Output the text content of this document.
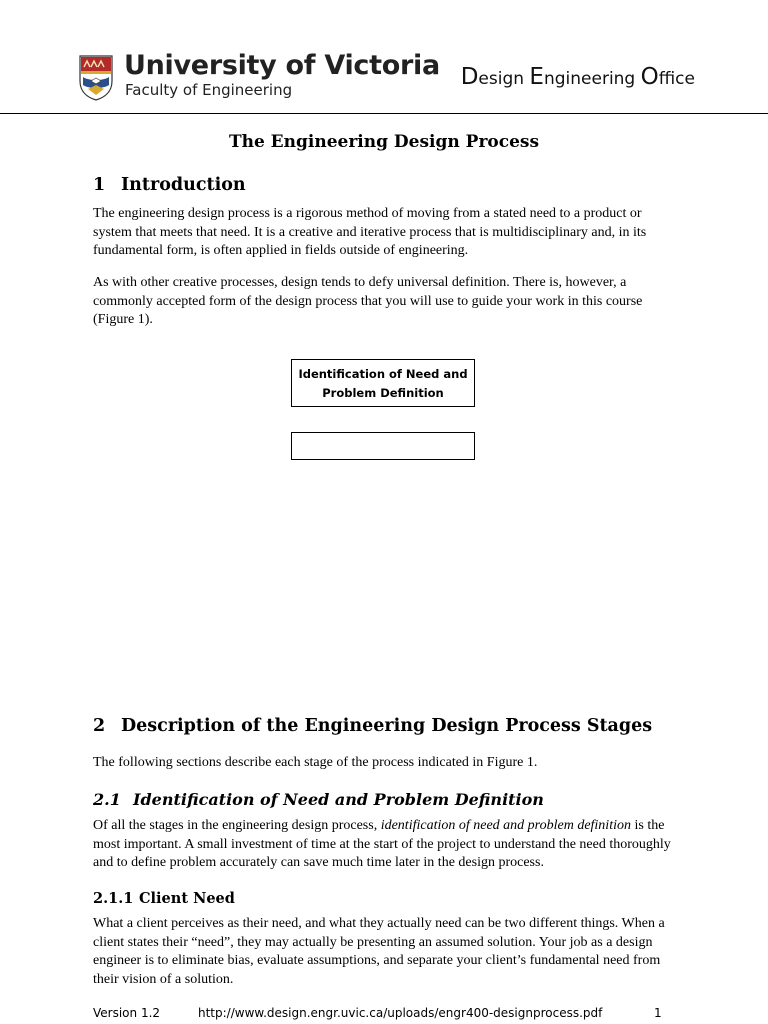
University of Victoria
Faculty of Engineering	Design Engineering Office
The Engineering Design Process
1 Introduction

The engineering design process is a rigorous method of moving from a stated need to a product or system that meets that need. It is a creative and iterative process that is multidisciplinary and, in its fundamental form, is often applied in fields outside of engineering.

As with other creative processes, design tends to defy universal definition. There is, however, a commonly accepted form of the design process that you will use to guide your work in this course (Figure 1).

Identification of Need and Problem Definition
2 Description of the Engineering Design Process Stages

The following sections describe each stage of the process indicated in Figure 1.

2.1 Identification of Need and Problem Definition

Of all the stages in the engineering design process, identification of need and problem definition is the most important. A small investment of time at the start of the project to understand the need thoroughly and to define problem accurately can save much time later in the design process.

2.1.1 Client Need

What a client perceives as their need, and what they actually need can be two different things. When a client states their “need”, they may actually be presenting an assumed solution. Your job as a design engineer is to eliminate bias, evaluate assumptions, and separate your client’s fundamental need from their vision of a solution.

Version 1.2	http://www.design.engr.uvic.ca/uploads/engr400-designprocess.pdf	1
